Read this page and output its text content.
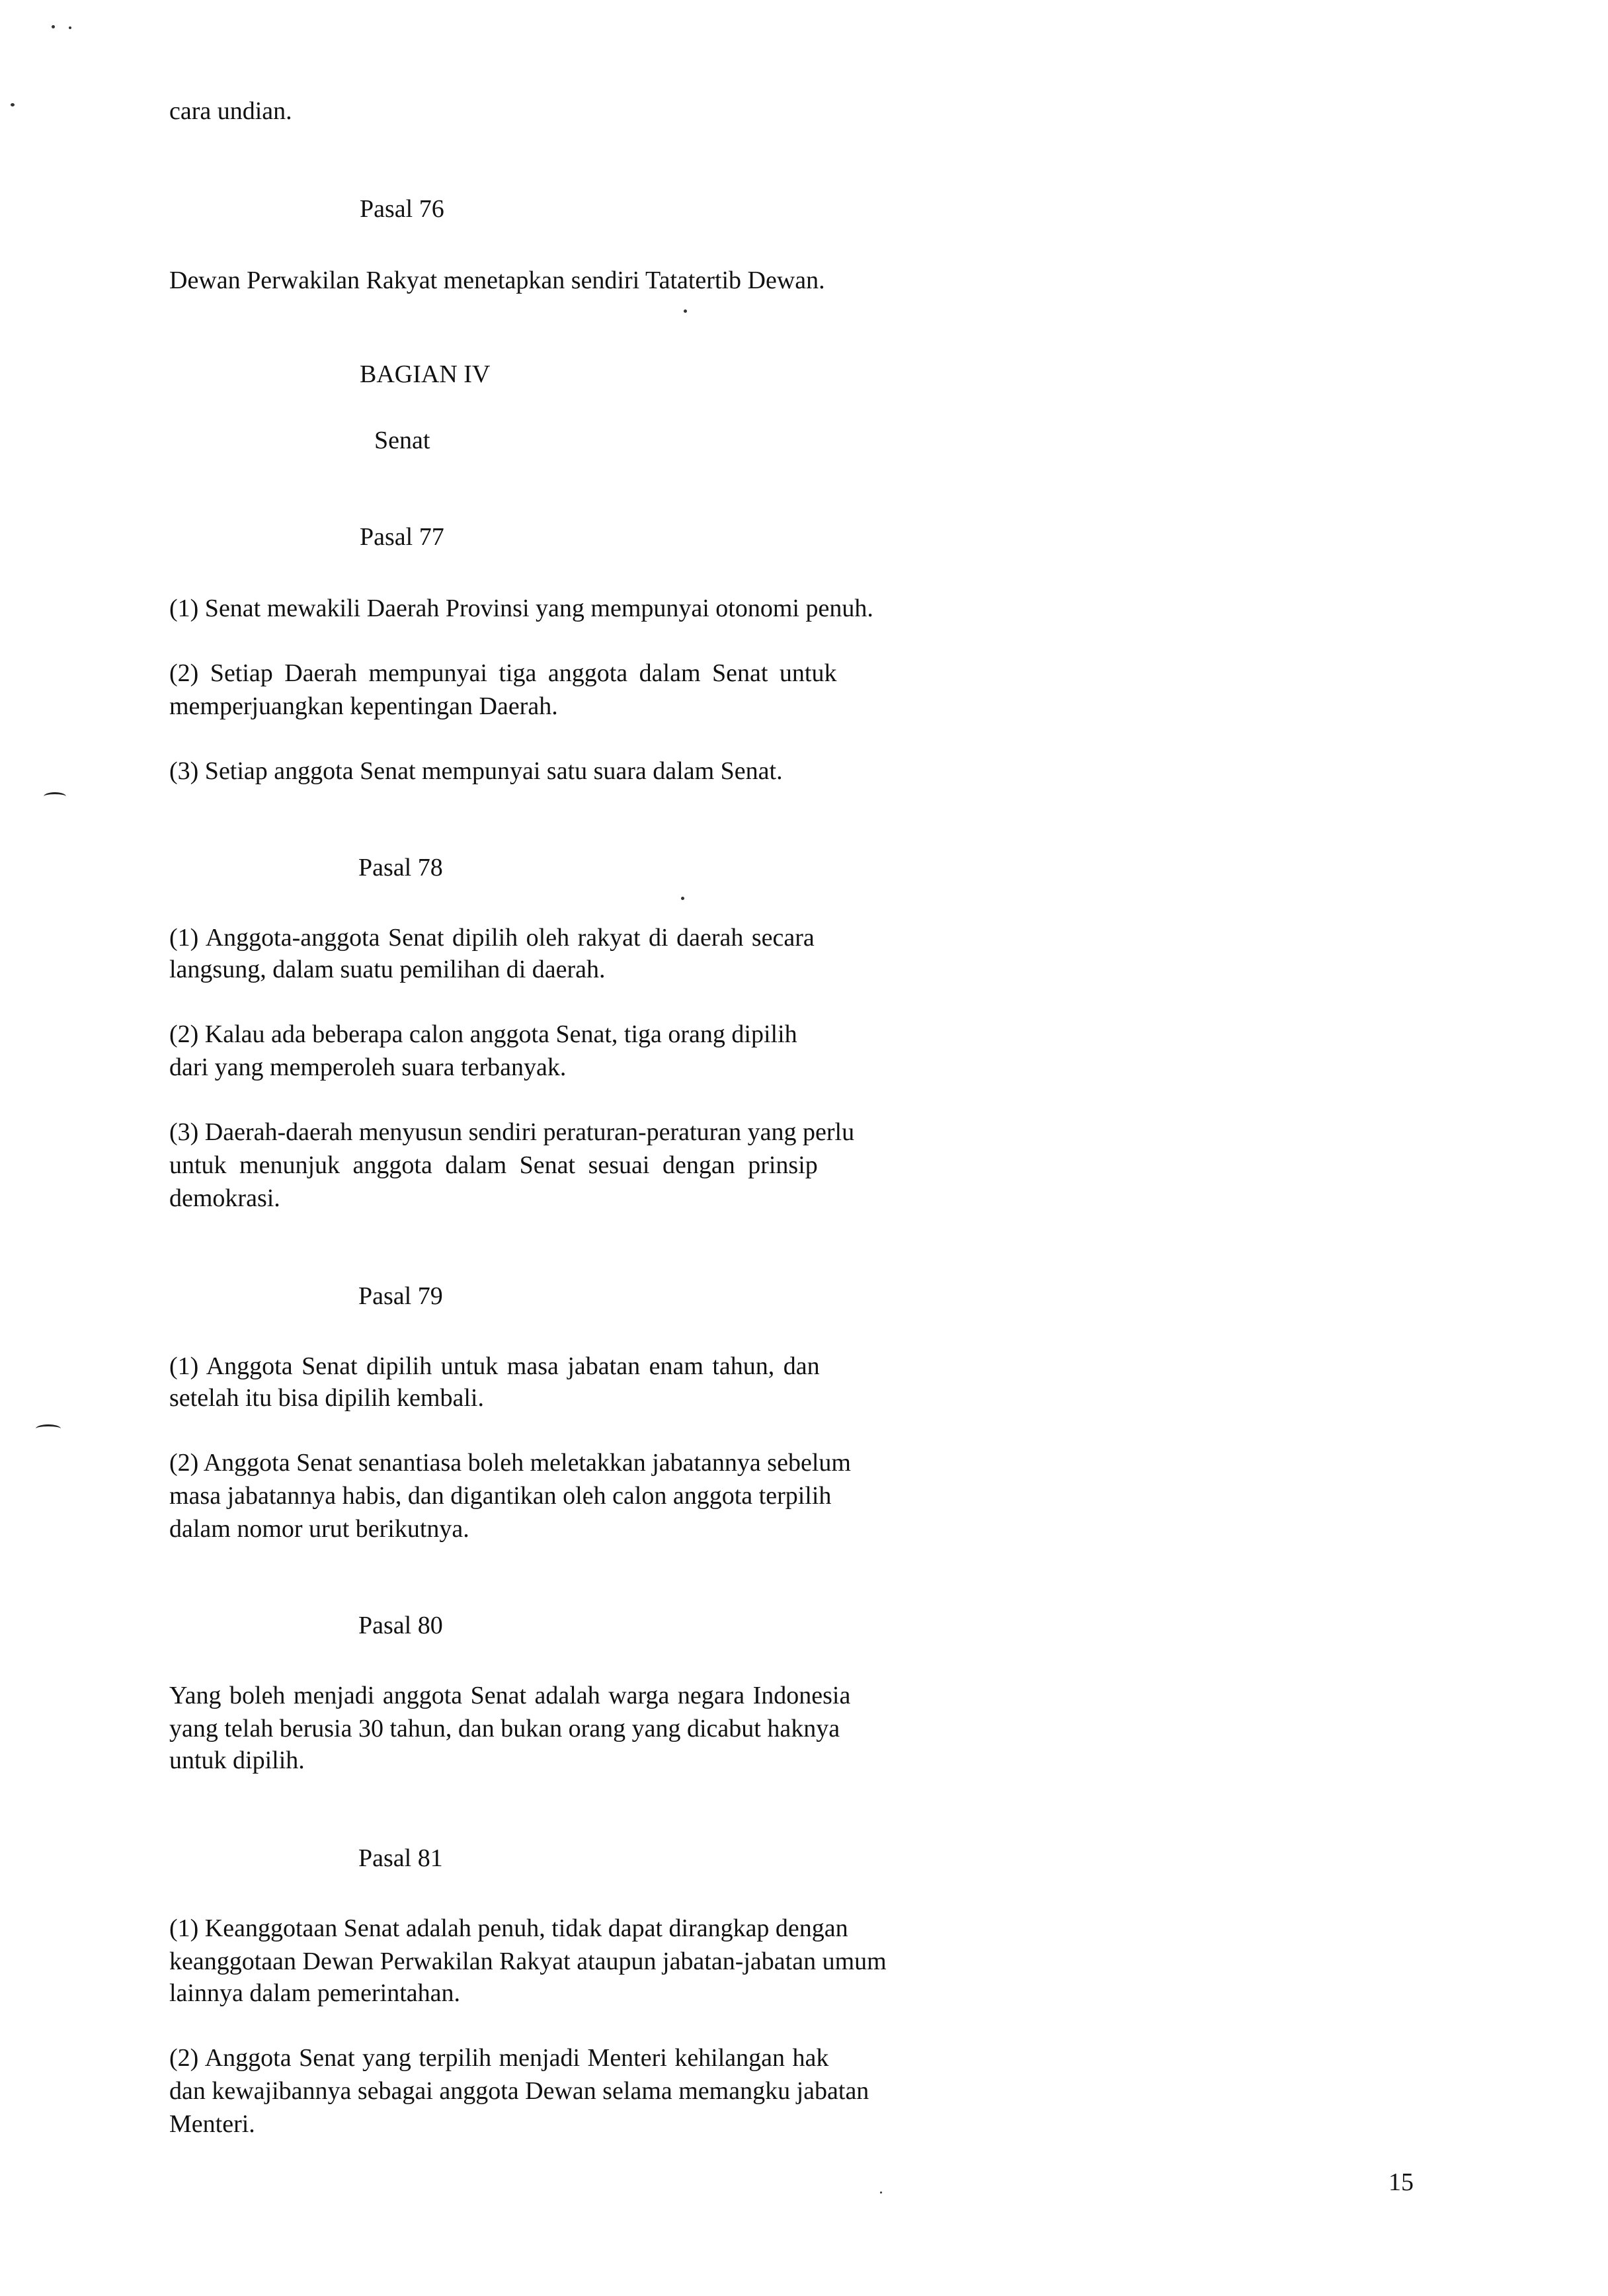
cara undian.

Pasal 76

Dewan Perwakilan Rakyat menetapkan sendiri Tatatertib Dewan.

BAGIAN IV

Senat

Pasal 77

(1) Senat mewakili Daerah Provinsi yang mempunyai otonomi penuh.

(2) Setiap Daerah mempunyai tiga anggota dalam Senat untuk

memperjuangkan kepentingan Daerah.

(3) Setiap anggota Senat mempunyai satu suara dalam Senat.

Pasal 78

(1) Anggota-anggota Senat dipilih oleh rakyat di daerah secara

langsung, dalam suatu pemilihan di daerah.

(2) Kalau ada beberapa calon anggota Senat, tiga orang dipilih

dari yang memperoleh suara terbanyak.

(3) Daerah-daerah menyusun sendiri peraturan-peraturan yang perlu

untuk menunjuk anggota dalam Senat sesuai dengan prinsip

demokrasi.

Pasal 79

(1) Anggota Senat dipilih untuk masa jabatan enam tahun, dan

setelah itu bisa dipilih kembali.

(2) Anggota Senat senantiasa boleh meletakkan jabatannya sebelum

masa jabatannya habis, dan digantikan oleh calon anggota terpilih

dalam nomor urut berikutnya.

Pasal 80

Yang boleh menjadi anggota Senat adalah warga negara Indonesia

yang telah berusia 30 tahun, dan bukan orang yang dicabut haknya

untuk dipilih.

Pasal 81

(1) Keanggotaan Senat adalah penuh, tidak dapat dirangkap dengan

keanggotaan Dewan Perwakilan Rakyat ataupun jabatan-jabatan umum

lainnya dalam pemerintahan.

(2) Anggota Senat yang terpilih menjadi Menteri kehilangan hak

dan kewajibannya sebagai anggota Dewan selama memangku jabatan

Menteri.

15
